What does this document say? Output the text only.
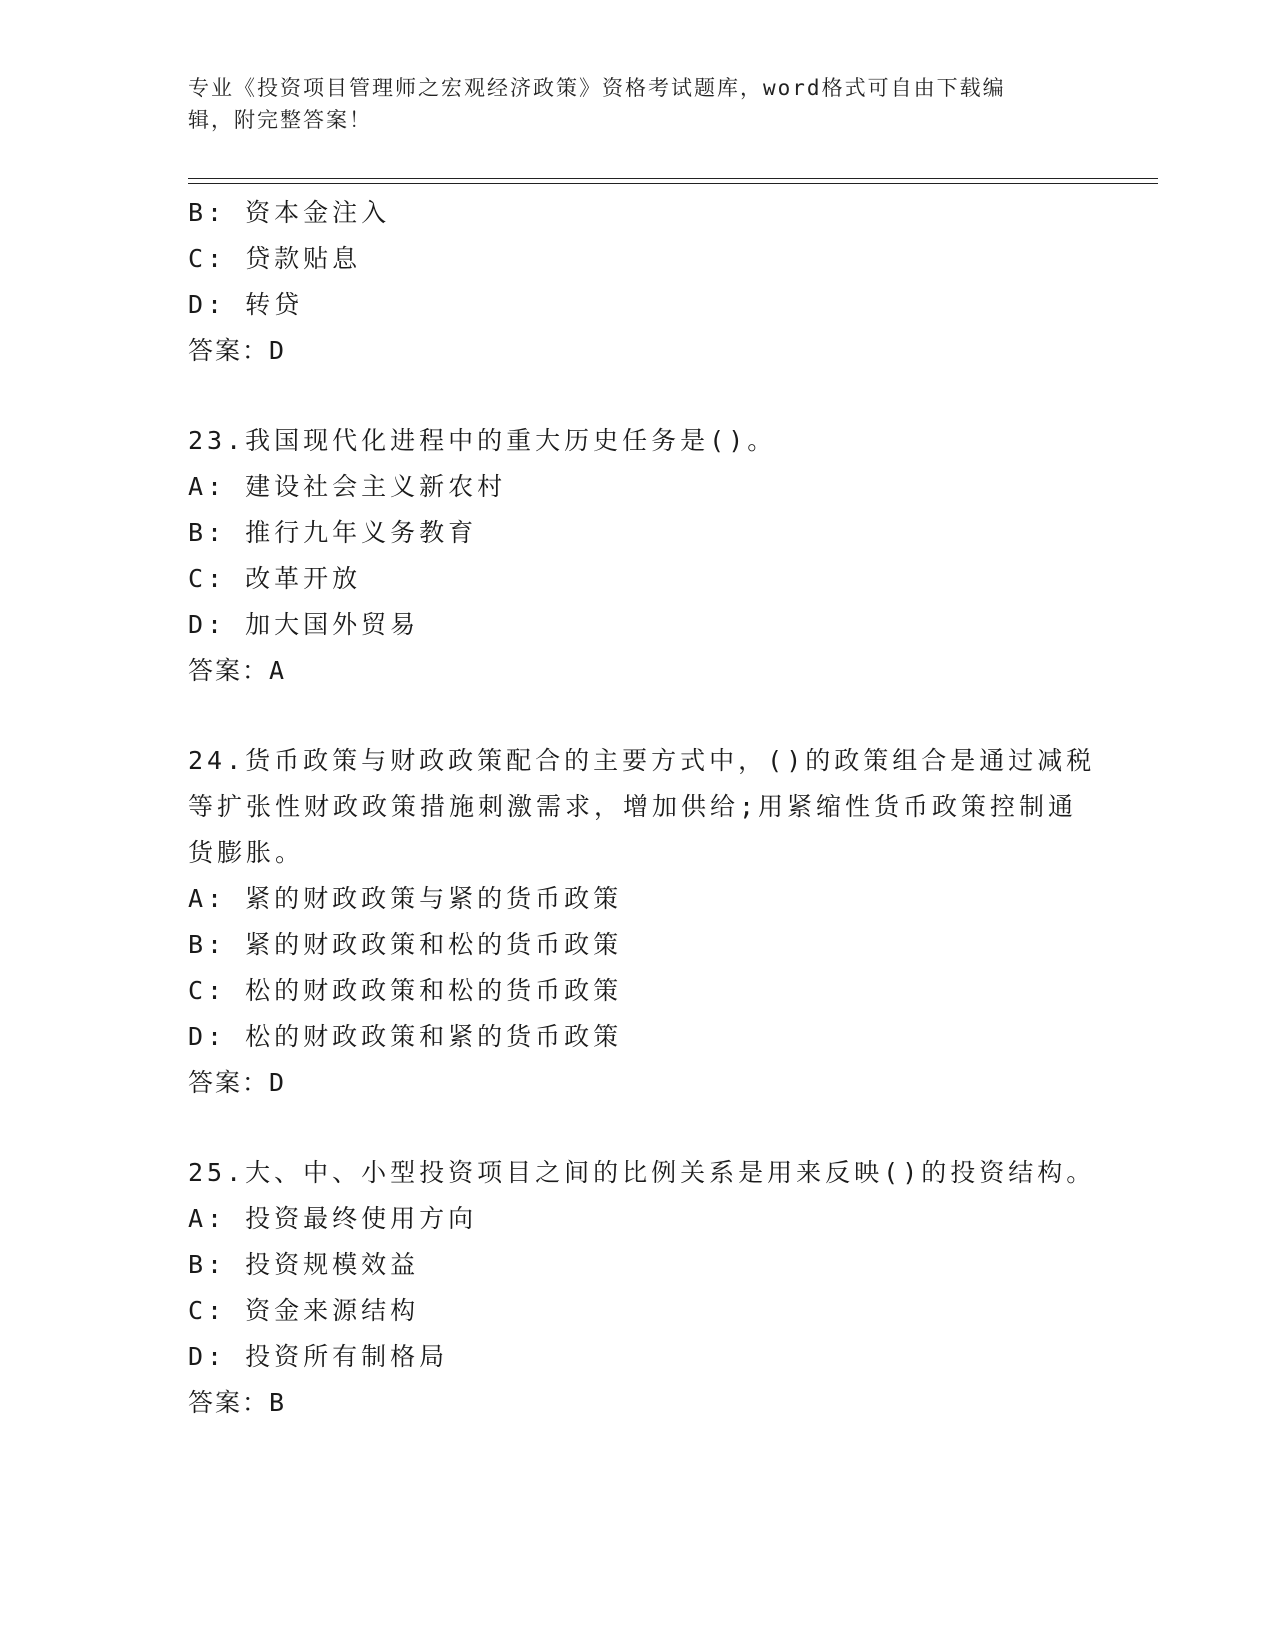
专业《投资项目管理师之宏观经济政策》资格考试题库，word格式可自由下载编
辑，附完整答案！
B: 资本金注入
C: 贷款贴息
D: 转贷
答案：D
23.我国现代化进程中的重大历史任务是()。
A: 建设社会主义新农村
B: 推行九年义务教育
C: 改革开放
D: 加大国外贸易
答案：A
24.货币政策与财政政策配合的主要方式中，()的政策组合是通过减税
等扩张性财政政策措施刺激需求，增加供给;用紧缩性货币政策控制通
货膨胀。
A: 紧的财政政策与紧的货币政策
B: 紧的财政政策和松的货币政策
C: 松的财政政策和松的货币政策
D: 松的财政政策和紧的货币政策
答案：D
25.大、中、小型投资项目之间的比例关系是用来反映()的投资结构。
A: 投资最终使用方向
B: 投资规模效益
C: 资金来源结构
D: 投资所有制格局
答案：B
